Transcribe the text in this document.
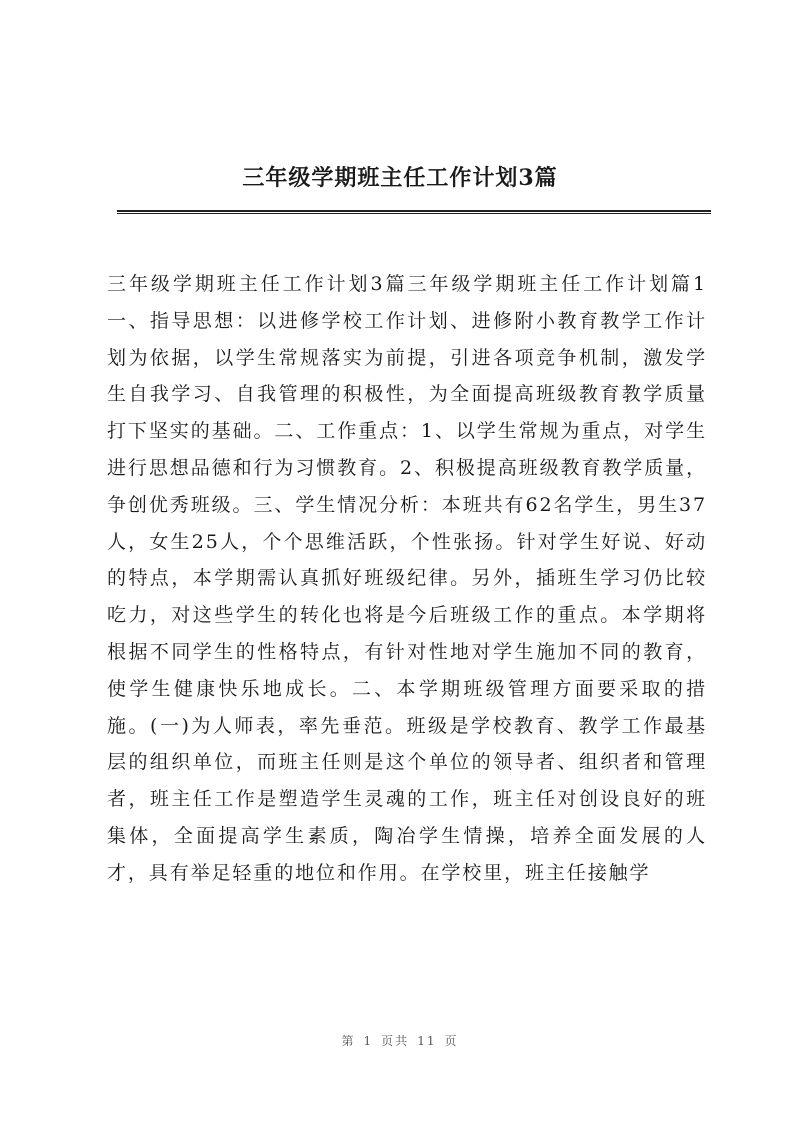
三年级学期班主任工作计划3篇

三年级学期班主任工作计划3篇三年级学期班主任工作计划篇1一、指导思想：以进修学校工作计划、进修附小教育教学工作计划为依据，以学生常规落实为前提，引进各项竞争机制，激发学生自我学习、自我管理的积极性，为全面提高班级教育教学质量打下坚实的基础。二、工作重点：1、以学生常规为重点，对学生进行思想品德和行为习惯教育。2、积极提高班级教育教学质量，争创优秀班级。三、学生情况分析：本班共有62名学生，男生37人，女生25人，个个思维活跃，个性张扬。针对学生好说、好动的特点，本学期需认真抓好班级纪律。另外，插班生学习仍比较吃力，对这些学生的转化也将是今后班级工作的重点。本学期将根据不同学生的性格特点，有针对性地对学生施加不同的教育，使学生健康快乐地成长。二、本学期班级管理方面要采取的措施。(一)为人师表，率先垂范。班级是学校教育、教学工作最基层的组织单位，而班主任则是这个单位的领导者、组织者和管理者，班主任工作是塑造学生灵魂的工作，班主任对创设良好的班集体，全面提高学生素质，陶冶学生情操，培养全面发展的人才，具有举足轻重的地位和作用。在学校里，班主任接触学

第 1 页共 11 页
